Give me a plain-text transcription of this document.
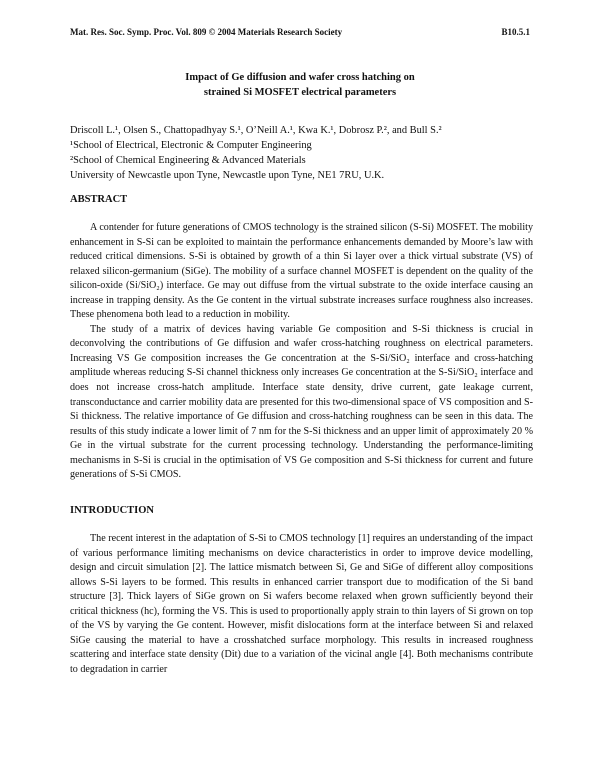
Mat. Res. Soc. Symp. Proc. Vol. 809 © 2004 Materials Research Society	B10.5.1
Impact of Ge diffusion and wafer cross hatching on
strained Si MOSFET electrical parameters
Driscoll L.¹, Olsen S., Chattopadhyay S.¹, O’Neill A.¹, Kwa K.¹, Dobrosz P.², and Bull S.²
¹School of Electrical, Electronic & Computer Engineering
²School of Chemical Engineering & Advanced Materials
University of Newcastle upon Tyne, Newcastle upon Tyne, NE1 7RU, U.K.
ABSTRACT

A contender for future generations of CMOS technology is the strained silicon (S-Si) MOSFET. The mobility enhancement in S-Si can be exploited to maintain the performance enhancements demanded by Moore’s law with reduced critical dimensions. S-Si is obtained by growth of a thin Si layer over a thick virtual substrate (VS) of relaxed silicon-germanium (SiGe). The mobility of a surface channel MOSFET is dependent on the quality of the silicon-oxide (Si/SiO₂) interface. Ge may out diffuse from the virtual substrate to the oxide interface causing an increase in trapping density. As the Ge content in the virtual substrate increases surface roughness also increases. These phenomena both lead to a reduction in mobility.

The study of a matrix of devices having variable Ge composition and S-Si thickness is crucial in deconvolving the contributions of Ge diffusion and wafer cross-hatching roughness on electrical parameters. Increasing VS Ge composition increases the Ge concentration at the S-Si/SiO₂ interface and cross-hatching amplitude whereas reducing S-Si channel thickness only increases Ge concentration at the S-Si/SiO₂ interface and does not increase cross-hatch amplitude. Interface state density, drive current, gate leakage current, transconductance and carrier mobility data are presented for this two-dimensional space of VS composition and S-Si thickness. The relative importance of Ge diffusion and cross-hatching roughness can be seen in this data. The results of this study indicate a lower limit of 7 nm for the S-Si thickness and an upper limit of approximately 20 % Ge in the virtual substrate for the current processing technology. Understanding the performance-limiting mechanisms in S-Si is crucial in the optimisation of VS Ge composition and S-Si thickness for current and future generations of S-Si CMOS.

INTRODUCTION

The recent interest in the adaptation of S-Si to CMOS technology [1] requires an understanding of the impact of various performance limiting mechanisms on device characteristics in order to improve device modelling, design and circuit simulation [2]. The lattice mismatch between Si, Ge and SiGe of different alloy compositions allows S-Si layers to be formed. This results in enhanced carrier transport due to modification of the Si band structure [3]. Thick layers of SiGe grown on Si wafers become relaxed when grown sufficiently beyond their critical thickness (hc), forming the VS. This is used to proportionally apply strain to thin layers of Si grown on top of the VS by varying the Ge content. However, misfit dislocations form at the interface between Si and relaxed SiGe causing the material to have a crosshatched surface morphology. This results in increased roughness scattering and interface state density (Dit) due to a variation of the vicinal angle [4]. Both mechanisms contribute to degradation in carrier
